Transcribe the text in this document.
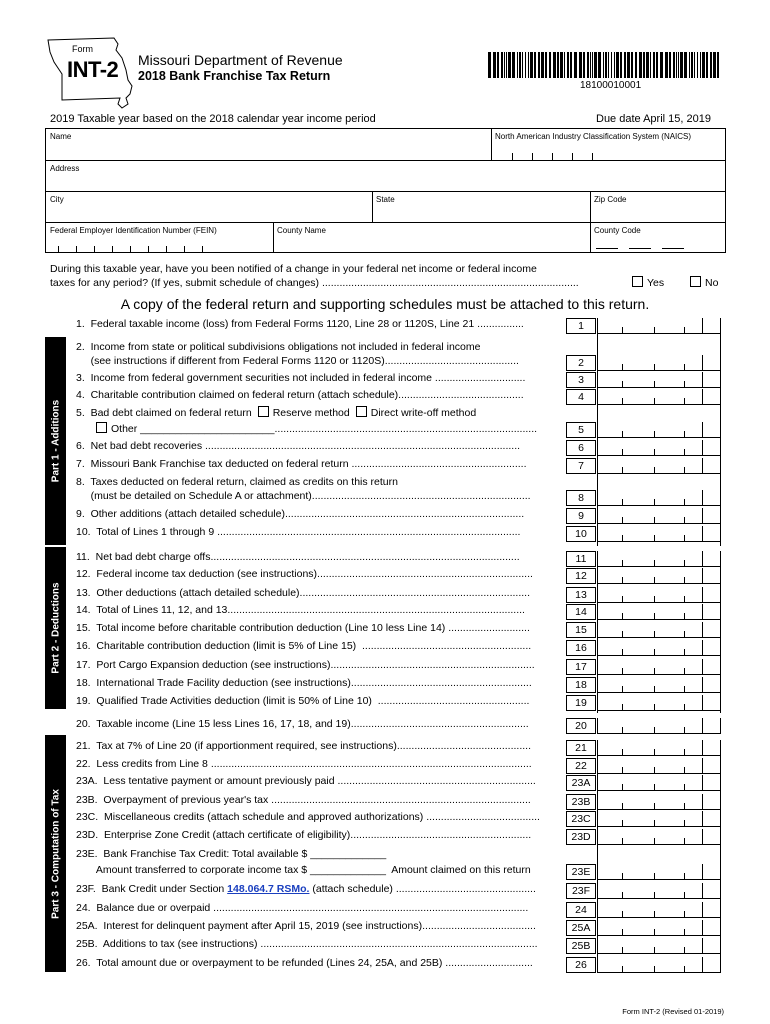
Form
INT-2 Missouri Department of Revenue
2018 Bank Franchise Tax Return
18100010001
2019 Taxable year based on the 2018 calendar year income period	Due date April 15, 2019
Name	North American Industry Classification System (NAICS)
Address
City	State	Zip Code
Federal Employer Identification Number (FEIN)	County Name	County Code
During this taxable year, have you been notified of a change in your federal net income or federal income
taxes for any period? (If yes, submit schedule of changes) ........................................................................................	Yes	No
A copy of the federal return and supporting schedules must be attached to this return.
Part 1 - Additions
Part 2 - Deductions
Part 3 - Computation of Tax
1.  Federal taxable income (loss) from Federal Forms 1120, Line 28 or 1120S, Line 21 ................	1
2.  Income from state or political subdivisions obligations not included in federal income
(see instructions if different from Federal Forms 1120 or 1120S)..............................................	2
3.  Income from federal government securities not included in federal income ...............................	3
4.  Charitable contribution claimed on federal return (attach schedule)...........................................	4
5.  Bad debt claimed on federal return Reserve method Direct write-off method
Other _______________________..........................................................................................	5
6.  Net bad debt recoveries ............................................................................................................	6
7.  Missouri Bank Franchise tax deducted on federal return ............................................................	7
8.  Taxes deducted on federal return, claimed as credits on this return
(must be detailed on Schedule A or attachment)...........................................................................	8
9.  Other additions (attach detailed schedule)..................................................................................	9
10.  Total of Lines 1 through 9 ........................................................................................................	10
11.  Net bad debt charge offs..........................................................................................................	11
12.  Federal income tax deduction (see instructions)..........................................................................	12
13.  Other deductions (attach detailed schedule)...............................................................................	13
14.  Total of Lines 11, 12, and 13......................................................................................................	14
15.  Total income before charitable contribution deduction (Line 10 less Line 14) ............................	15
16.  Charitable contribution deduction (limit is 5% of Line 15)  ..........................................................	16
17.  Port Cargo Expansion deduction (see instructions)......................................................................	17
18.  International Trade Facility deduction (see instructions)..............................................................	18
19.  Qualified Trade Activities deduction (limit is 50% of Line 10)  ....................................................	19
20.  Taxable income (Line 15 less Lines 16, 17, 18, and 19).............................................................	20
21.  Tax at 7% of Line 20 (if apportionment required, see instructions)..............................................	21
22.  Less credits from Line 8 ..............................................................................................................	22
23A.  Less tentative payment or amount previously paid ....................................................................	23A
23B.  Overpayment of previous year's tax .........................................................................................	23B
23C.  Miscellaneous credits (attach schedule and approved authorizations) .......................................	23C
23D.  Enterprise Zone Credit (attach certificate of eligibility)..............................................................	23D
23E.  Bank Franchise Tax Credit: Total available $ _____________
Amount transferred to corporate income tax $ _____________  Amount claimed on this return	23E
23F.  Bank Credit under Section 148.064.7 RSMo. (attach schedule) ................................................	23F
24.  Balance due or overpaid ............................................................................................................	24
25A.  Interest for delinquent payment after April 15, 2019 (see instructions).......................................	25A
25B.  Additions to tax (see instructions) ...............................................................................................	25B
26.  Total amount due or overpayment to be refunded (Lines 24, 25A, and 25B) ..............................	26
Form INT-2 (Revised 01-2019)
